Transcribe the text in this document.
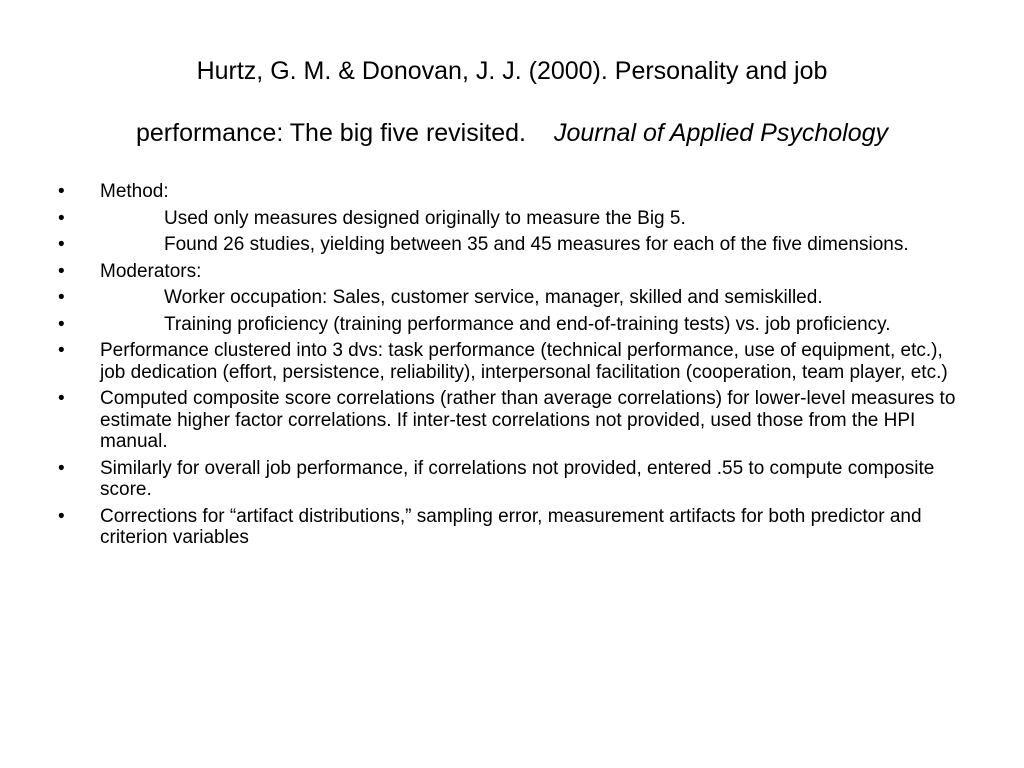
Hurtz, G. M. & Donovan, J. J. (2000). Personality and job
performance: The big five revisited. Journal of Applied Psychology
•	Method:
•	Used only measures designed originally to measure the Big 5.
•	Found 26 studies, yielding between 35 and 45 measures for each of the five dimensions.
•	Moderators:
•	Worker occupation: Sales, customer service, manager, skilled and semiskilled.
•	Training proficiency (training performance and end-of-training tests) vs. job proficiency.
•	Performance clustered into 3 dvs: task performance (technical performance, use of equipment, etc.), job dedication (effort, persistence, reliability), interpersonal facilitation (cooperation, team player, etc.)
•	Computed composite score correlations (rather than average correlations) for lower-level measures to estimate higher factor correlations. If inter-test correlations not provided, used those from the HPI manual.
•	Similarly for overall job performance, if correlations not provided, entered .55 to compute composite score.
•	Corrections for “artifact distributions,” sampling error, measurement artifacts for both predictor and criterion variables
